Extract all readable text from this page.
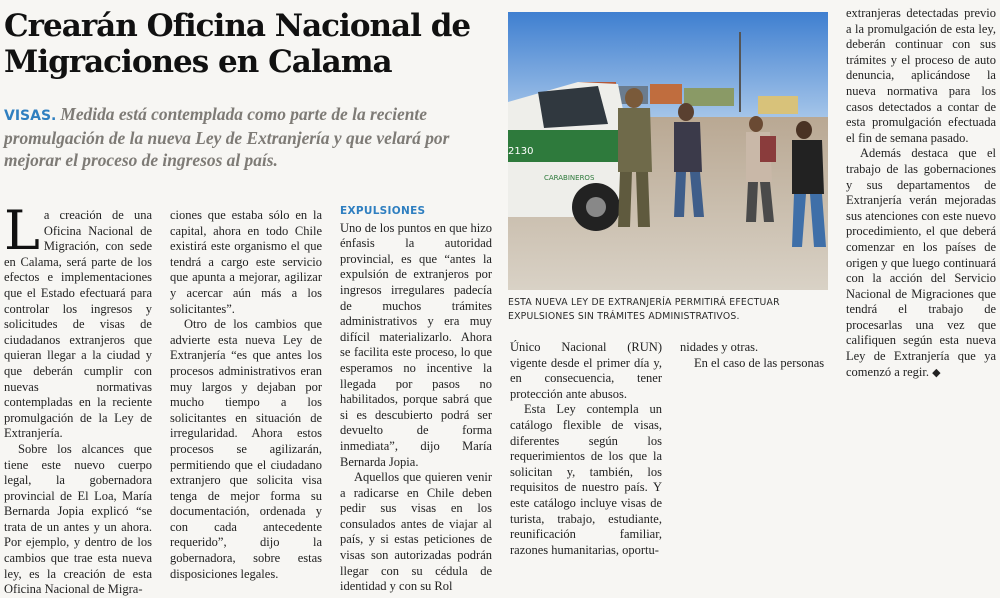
Crearán Oficina Nacional de Migraciones en Calama

VISAS. Medida está contemplada como parte de la reciente promulgación de la nueva Ley de Extranjería y que velará por mejorar el proceso de ingresos al país.

L a creación de una Oficina Nacional de Migración, con sede en Calama, será parte de los efectos e implementaciones que el Estado efectuará para controlar los ingresos y solicitudes de visas de ciudadanos extranjeros que quieran llegar a la ciudad y que deberán cumplir con nuevas normativas contempladas en la reciente promulgación de la Ley de Extranjería.

Sobre los alcances que tiene este nuevo cuerpo legal, la gobernadora provincial de El Loa, María Bernarda Jopia explicó “se trata de un antes y un ahora. Por ejemplo, y dentro de los cambios que trae esta nueva ley, es la creación de esta Oficina Nacional de Migra-

ciones que estaba sólo en la capital, ahora en todo Chile existirá este organismo el que tendrá a cargo este servicio que apunta a mejorar, agilizar y acercar aún más a los solicitantes”.

Otro de los cambios que advierte esta nueva Ley de Extranjería “es que antes los procesos administrativos eran muy largos y dejaban por mucho tiempo a los solicitantes en situación de irregularidad. Ahora estos procesos se agilizarán, permitiendo que el ciudadano extranjero que solicita visa tenga de mejor forma su documentación, ordenada y con cada antecedente requerido”, dijo la gobernadora, sobre estas disposiciones legales.

EXPULSIONES

Uno de los puntos en que hizo énfasis la autoridad provincial, es que “antes la expulsión de extranjeros por ingresos irregulares padecía de muchos trámites administrativos y era muy difícil materializarlo. Ahora se facilita este proceso, lo que esperamos no incentive la llegada por pasos no habilitados, porque sabrá que si es descubierto podrá ser devuelto de forma inmediata”, dijo María Bernarda Jopia.

Aquellos que quieren venir a radicarse en Chile deben pedir sus visas en los consulados antes de viajar al país, y si estas peticiones de visas son autorizadas podrán llegar con su cédula de identidad y con su Rol

2130
CARABINEROS

ESTA NUEVA LEY DE EXTRANJERÍA PERMITIRÁ EFECTUAR EXPULSIONES SIN TRÁMITES ADMINISTRATIVOS.

Único Nacional (RUN) vigente desde el primer día y, en consecuencia, tener protección ante abusos.

Esta Ley contempla un catálogo flexible de visas, diferentes según los requerimientos de los que la solicitan y, también, los requisitos de nuestro país. Y este catálogo incluye visas de turista, trabajo, estudiante, reunificación familiar, razones humanitarias, oportu-

nidades y otras.

En el caso de las personas

extranjeras detectadas previo a la promulgación de esta ley, deberán continuar con sus trámites y el proceso de auto denuncia, aplicándose la nueva normativa para los casos detectados a contar de esta promulgación efectuada el fin de semana pasado.

Además destaca que el trabajo de las gobernaciones y sus departamentos de Extranjería verán mejoradas sus atenciones con este nuevo procedimiento, el que deberá comenzar en los países de origen y que luego continuará con la acción del Servicio Nacional de Migraciones que tendrá el trabajo de procesarlas una vez que califiquen según esta nueva Ley de Extranjería que ya comenzó a regir. ◆
